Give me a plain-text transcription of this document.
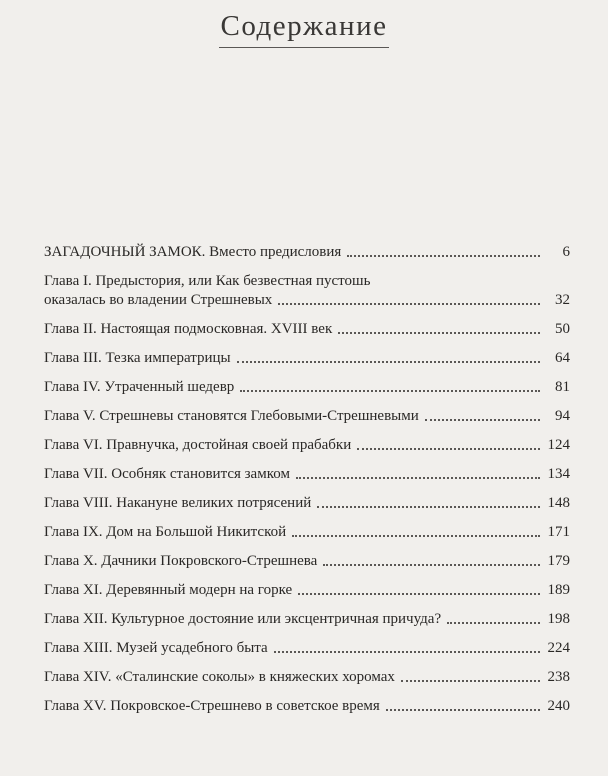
Содержание
ЗАГАДОЧНЫЙ ЗАМОК. Вместо предисловия	6
Глава I. Предыстория, или Как безвестная пустошь
оказалась во владении Стрешневых	32
Глава II. Настоящая подмосковная. XVIII век	50
Глава III. Тезка императрицы	64
Глава IV. Утраченный шедевр	81
Глава V. Стрешневы становятся Глебовыми-Стрешневыми	94
Глава VI. Правнучка, достойная своей прабабки	124
Глава VII. Особняк становится замком	134
Глава VIII. Накануне великих потрясений	148
Глава IX. Дом на Большой Никитской	171
Глава X. Дачники Покровского-Стрешнева	179
Глава XI. Деревянный модерн на горке	189
Глава XII. Культурное достояние или эксцентричная причуда?	198
Глава XIII. Музей усадебного быта	224
Глава XIV. «Сталинские соколы» в княжеских хоромах	238
Глава XV. Покровское-Стрешнево в советское время	240
